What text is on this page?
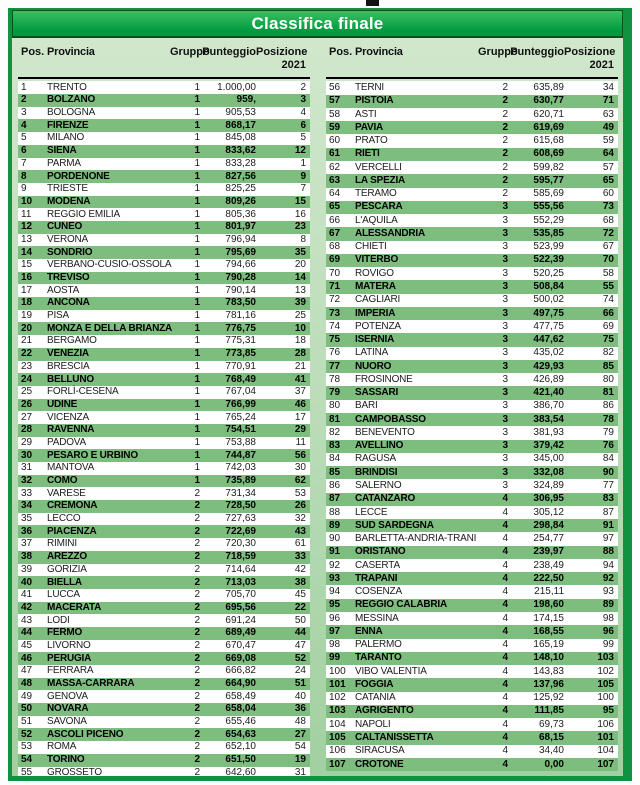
Classifica finale
Pos. Provincia	Gruppo
Punteggio Posizione
2021
1	TRENTO	1	1.000,00	2
2	BOLZANO	1	959,	3
3	BOLOGNA	1	905,53	4
4	FIRENZE	1	868,17	6
5	MILANO	1	845,08	5
6	SIENA	1	833,62	12
7	PARMA	1	833,28	1
8	PORDENONE	1	827,56	9
9	TRIESTE	1	825,25	7
10	MODENA	1	809,26	15
11	REGGIO EMILIA	1	805,36	16
12	CUNEO	1	801,97	23
13	VERONA	1	796,94	8
14	SONDRIO	1	795,69	35
15	VERBANO-CUSIO-OSSOLA	1	794,66	20
16	TREVISO	1	790,28	14
17	AOSTA	1	790,14	13
18	ANCONA	1	783,50	39
19	PISA	1	781,16	25
20	MONZA E DELLA BRIANZA	1	776,75	10
21	BERGAMO	1	775,31	18
22	VENEZIA	1	773,85	28
23	BRESCIA	1	770,91	21
24	BELLUNO	1	768,49	41
25	FORLÌ-CESENA	1	767,04	37
26	UDINE	1	766,99	46
27	VICENZA	1	765,24	17
28	RAVENNA	1	754,51	29
29	PADOVA	1	753,88	11
30	PESARO E URBINO	1	744,87	56
31	MANTOVA	1	742,03	30
32	COMO	1	735,89	62
33	VARESE	2	731,34	53
34	CREMONA	2	728,50	26
35	LECCO	2	727,63	32
36	PIACENZA	2	722,69	43
37	RIMINI	2	720,30	61
38	AREZZO	2	718,59	33
39	GORIZIA	2	714,64	42
40	BIELLA	2	713,03	38
41	LUCCA	2	705,70	45
42	MACERATA	2	695,56	22
43	LODI	2	691,24	50
44	FERMO	2	689,49	44
45	LIVORNO	2	670,47	47
46	PERUGIA	2	669,08	52
47	FERRARA	2	666,82	24
48	MASSA-CARRARA	2	664,90	51
49	GENOVA	2	658,49	40
50	NOVARA	2	658,04	36
51	SAVONA	2	655,46	48
52	ASCOLI PICENO	2	654,63	27
53	ROMA	2	652,10	54
54	TORINO	2	651,50	19
55	GROSSETO	2	642,60	31
Pos. Provincia	Gruppo
Punteggio Posizione
2021
56	TERNI	2	635,89	34
57	PISTOIA	2	630,77	71
58	ASTI	2	620,71	63
59	PAVIA	2	619,69	49
60	PRATO	2	615,68	59
61	RIETI	2	608,69	64
62	VERCELLI	2	599,82	57
63	LA SPEZIA	2	595,77	65
64	TERAMO	2	585,69	60
65	PESCARA	3	555,56	73
66	L'AQUILA	3	552,29	68
67	ALESSANDRIA	3	535,85	72
68	CHIETI	3	523,99	67
69	VITERBO	3	522,39	70
70	ROVIGO	3	520,25	58
71	MATERA	3	508,84	55
72	CAGLIARI	3	500,02	74
73	IMPERIA	3	497,75	66
74	POTENZA	3	477,75	69
75	ISERNIA	3	447,62	75
76	LATINA	3	435,02	82
77	NUORO	3	429,93	85
78	FROSINONE	3	426,89	80
79	SASSARI	3	421,40	81
80	BARI	3	386,70	86
81	CAMPOBASSO	3	383,54	78
82	BENEVENTO	3	381,93	79
83	AVELLINO	3	379,42	76
84	RAGUSA	3	345,00	84
85	BRINDISI	3	332,08	90
86	SALERNO	3	324,89	77
87	CATANZARO	4	306,95	83
88	LECCE	4	305,12	87
89	SUD SARDEGNA	4	298,84	91
90	BARLETTA-ANDRIA-TRANI	4	254,77	97
91	ORISTANO	4	239,97	88
92	CASERTA	4	238,49	94
93	TRAPANI	4	222,50	92
94	COSENZA	4	215,11	93
95	REGGIO CALABRIA	4	198,60	89
96	MESSINA	4	174,15	98
97	ENNA	4	168,55	96
98	PALERMO	4	165,19	99
99	TARANTO	4	148,10	103
100 VIBO VALENTIA	4	143,83	102
101 FOGGIA	4	137,96	105
102 CATANIA	4	125,92	100
103 AGRIGENTO	4	111,85	95
104 NAPOLI	4	69,73	106
105 CALTANISSETTA	4	68,15	101
106 SIRACUSA	4	34,40	104
107 CROTONE	4	0,00	107
